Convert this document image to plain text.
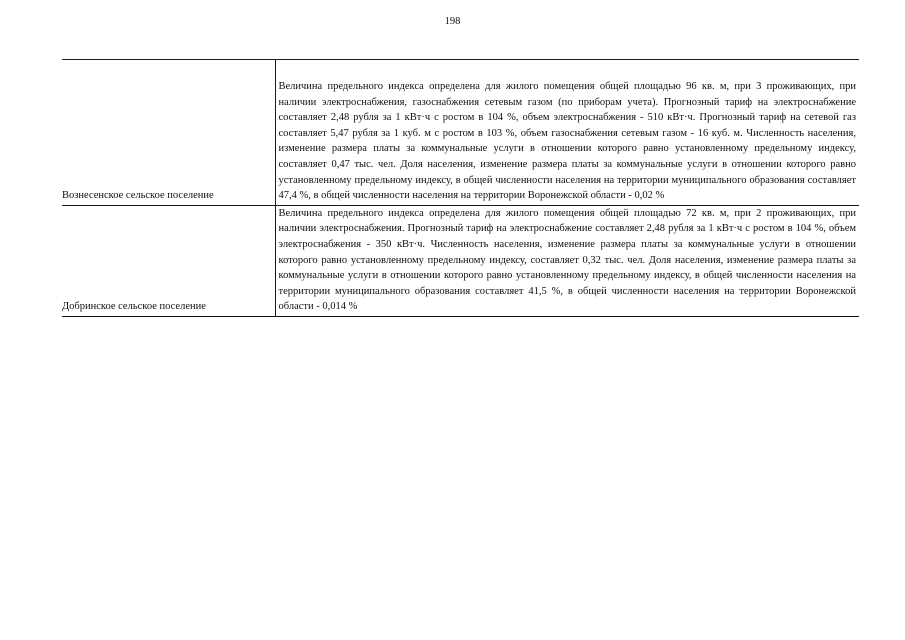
198

Вознесенское сельское поселение	Величина предельного индекса определена для жилого помещения общей площадью 96 кв. м, при 3 проживающих, при наличии электроснабжения, газоснабжения сетевым газом (по приборам учета). Прогнозный тариф на электроснабжение составляет 2,48 рубля за 1 кВт·ч с ростом в 104 %, объем электроснабжения - 510 кВт·ч. Прогнозный тариф на сетевой газ составляет 5,47 рубля за 1 куб. м с ростом в 103 %, объем газоснабжения сетевым газом - 16 куб. м. Численность населения, изменение размера платы за коммунальные услуги в отношении которого равно установленному предельному индексу, составляет 0,47 тыс. чел. Доля населения, изменение размера платы за коммунальные услуги в отношении которого равно установленному предельному индексу, в общей численности населения на территории муниципального образования составляет 47,4 %, в общей численности населения на территории Воронежской области - 0,02 %
Добринское сельское поселение	Величина предельного индекса определена для жилого помещения общей площадью 72 кв. м, при 2 проживающих, при наличии электроснабжения. Прогнозный тариф на электроснабжение составляет 2,48 рубля за 1 кВт·ч с ростом в 104 %, объем электроснабжения - 350 кВт·ч. Численность населения, изменение размера платы за коммунальные услуги в отношении которого равно установленному предельному индексу, составляет 0,32 тыс. чел. Доля населения, изменение размера платы за коммунальные услуги в отношении которого равно установленному предельному индексу, в общей численности населения на территории муниципального образования составляет 41,5 %, в общей численности населения на территории Воронежской области - 0,014 %
